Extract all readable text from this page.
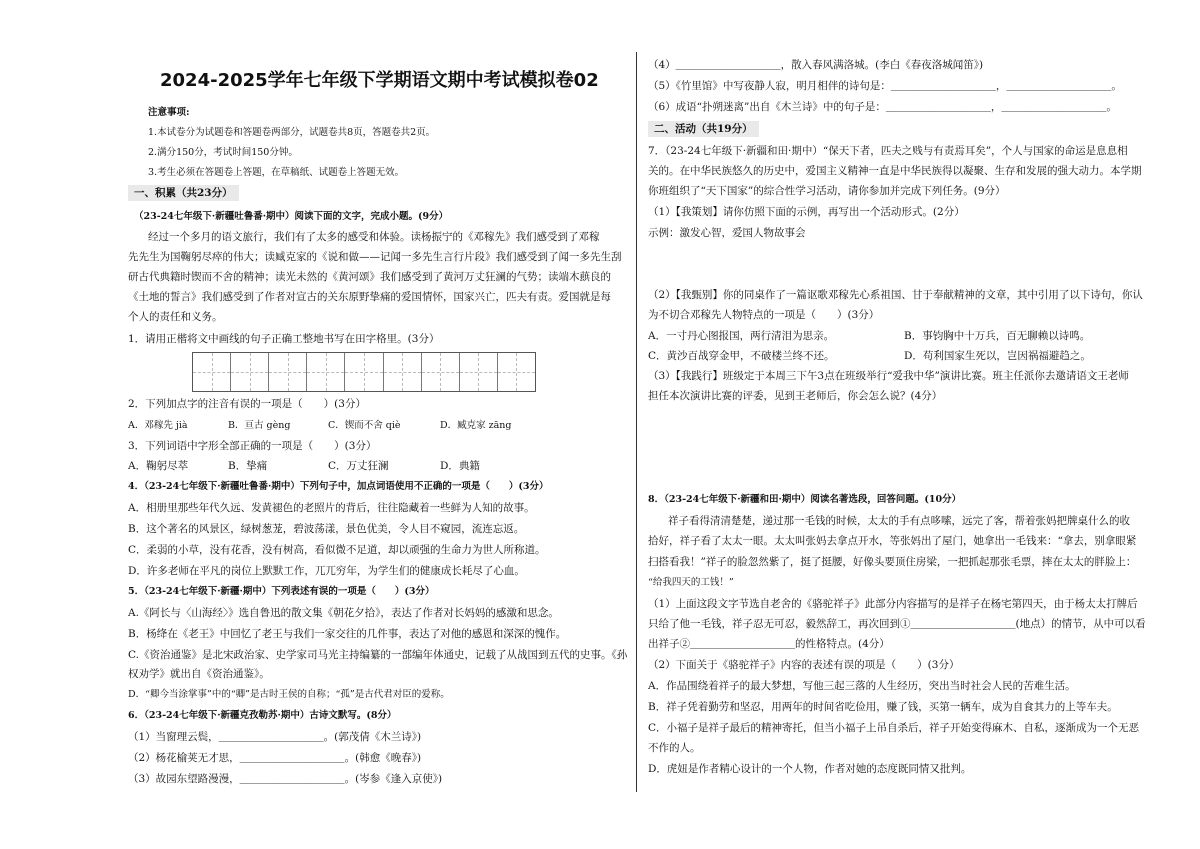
2024-2025学年七年级下学期语文期中考试模拟卷02
注意事项:
1.本试卷分为试题卷和答题卷两部分，试题卷共8页，答题卷共2页。
2.满分150分，考试时间150分钟。
3.考生必须在答题卷上答题，在草稿纸、试题卷上答题无效。
一、积累（共23分）
（23-24七年级下·新疆吐鲁番·期中）阅读下面的文字，完成小题。(9分）
经过一个多月的语文旅行，我们有了太多的感受和体验。读杨振宁的《邓稼先》我们感受到了邓稼
先先生为国鞠躬尽瘁的伟大；读臧克家的《说和做——记闻一多先生言行片段》我们感受到了闻一多先生刮
研古代典籍时锲而不舍的精神；读光未然的《黄河颂》我们感受到了黄河万丈狂澜的气势；读端木蕻良的
《土地的誓言》我们感受到了作者对宣古的关东原野挚痛的爱国情怀，国家兴亡，匹夫有责。爱国就是每
个人的责任和义务。
1．请用正楷将文中画线的句子正确工整地书写在田字格里。(3分）
2．下列加点字的注音有误的一项是（　　）(3分）
A．邓稼先 jià	B．亘古 gèng	C．锲而不舍 qiè	D．臧克家 zāng
3．下列词语中字形全部正确的一项是（　　）(3分）
A．鞠躬尽萃	B．挚痛	C．万丈狂澜	D．典籍
4．（23-24七年级下·新疆吐鲁番·期中）下列句子中，加点词语使用不正确的一项是（　　）(3分）
A．相册里那些年代久远、发黄褪色的老照片的背后，往往隐藏着一些鲜为人知的故事。
B．这个著名的风景区，绿树葱茏，碧波荡漾，景色优美，令人目不窥园，流连忘返。
C．柔弱的小草，没有花香，没有树高，看似微不足道，却以顽强的生命力为世人所称道。
D．许多老师在平凡的岗位上默默工作，兀兀穷年，为学生们的健康成长耗尽了心血。
5．（23-24七年级下·新疆·期中）下列表述有误的一项是（　　）(3分）
A.《阿长与〈山海经〉》选自鲁迅的散文集《朝花夕拾》，表达了作者对长妈妈的感激和思念。
B．杨绛在《老王》中回忆了老王与我们一家交往的几件事，表达了对他的感恩和深深的愧作。
C.《资治通鉴》是北宋政治家、史学家司马光主持编纂的一部编年体通史，记载了从战国到五代的史事。《孙
权劝学》就出自《资治通鉴》。
D．“卿今当涂掌事”中的“卿”是古时王侯的自称；“孤”是古代君对臣的爱称。
6．（23-24七年级下·新疆克孜勒苏·期中）古诗文默写。(8分）
（1）当窗理云鬓，＿＿＿＿＿＿＿＿＿＿。(郭茂倩《木兰诗》)
（2）杨花榆荚无才思，＿＿＿＿＿＿＿＿＿＿。(韩愈《晚春》)
（3）故园东望路漫漫，＿＿＿＿＿＿＿＿＿＿。(岑参《逢入京使》)
（4）＿＿＿＿＿＿＿＿＿＿，散入春风满洛城。(李白《春夜洛城闻笛》)
（5）《竹里馆》中写夜静人寂，明月相伴的诗句是：＿＿＿＿＿＿＿＿＿＿，＿＿＿＿＿＿＿＿＿＿。
（6）成语“扑朔迷离”出自《木兰诗》中的句子是：＿＿＿＿＿＿＿＿＿＿，＿＿＿＿＿＿＿＿＿＿。
二、活动（共19分）
7．（23-24七年级下·新疆和田·期中）“保天下者，匹夫之贱与有责焉耳矣”，个人与国家的命运是息息相
关的。在中华民族悠久的历史中，爱国主义精神一直是中华民族得以凝聚、生存和发展的强大动力。本学期
你班组织了“天下国家”的综合性学习活动，请你参加并完成下列任务。(9分）
（1）【我策划】请你仿照下面的示例，再写出一个活动形式。(2分）
示例：激发心智，爱国人物故事会
（2）【我甄别】你的同桌作了一篇讴歌邓稼先心系祖国、甘于奉献精神的文章，其中引用了以下诗句，你认
为不切合邓稼先人物特点的一项是（　　）(3分）
A．一寸丹心图报国，两行清泪为思亲。	B．事钧胸中十万兵，百无聊赖以诗鸣。
C．黄沙百战穿金甲，不破楼兰终不还。	D．苟利国家生死以，岂因祸福避趋之。
（3）【我践行】班级定于本周三下午3点在班级举行“爱我中华”演讲比赛。班主任派你去邀请语文王老师
担任本次演讲比赛的评委，见到王老师后，你会怎么说？(4分）
8．（23-24七年级下·新疆和田·期中）阅读名著选段，回答问题。(10分）
祥子看得清清楚楚，递过那一毛钱的时候，太太的手有点哆嗦，远完了客，帮着张妈把牌桌什么的收
拾好，祥子看了太太一眼。太太叫张妈去拿点开水，等张妈出了屋门，她拿出一毛钱来：“拿去，别拿眼紧
扫搭看我！”祥子的脸忽然紫了，挺了挺腰，好像头要顶住房梁，一把抓起那张毛票，摔在太太的胖脸上：
“给我四天的工钱！”
（1）上面这段文字节选自老舍的《骆驼祥子》此部分内容描写的是祥子在杨宅第四天，由于杨太太打牌后
只给了他一毛钱，祥子忍无可忍，毅然辞工，再次回到①＿＿＿＿＿＿＿＿＿＿(地点）的情节，从中可以看
出祥子②＿＿＿＿＿＿＿＿＿＿的性格特点。(4分）
（2）下面关于《骆驼祥子》内容的表述有误的项是（　　）(3分）
A．作品围绕着祥子的最大梦想，写他三起三落的人生经历，突出当时社会人民的苦难生活。
B．祥子凭着勤劳和坚忍，用两年的时间省吃俭用，赚了钱，买第一辆车，成为自食其力的上等车夫。
C．小福子是祥子最后的精神寄托，但当小福子上吊自杀后，祥子开始变得麻木、自私，逐渐成为一个无恶
不作的人。
D．虎妞是作者精心设计的一个人物，作者对她的态度既同情又批判。
